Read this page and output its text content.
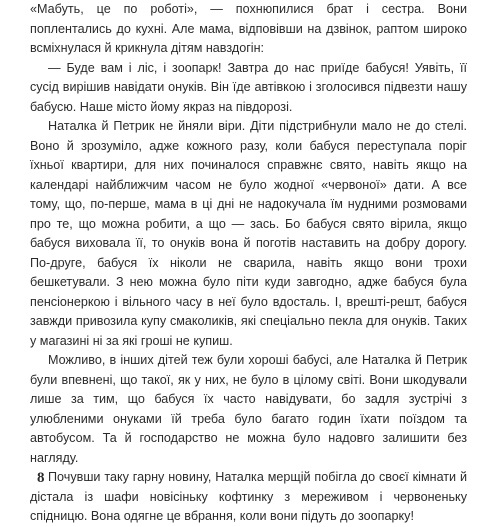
«Мабуть, це по роботі», — похнюпилися брат і сестра. Вони поплентались до кухні. Але мама, відповівши на дзвінок, раптом широко всміхнулася й крикнула дітям навздогін:

— Буде вам і ліс, і зоопарк! Завтра до нас приїде бабуся! Уявіть, її сусід вирішив навідати онуків. Він їде автівкою і зголосився підвезти нашу бабусю. Наше місто йому якраз на півдорозі.

Наталка й Петрик не йняли віри. Діти підстрибнули мало не до стелі. Воно й зрозуміло, адже кожного разу, коли бабуся переступала поріг їхньої квартири, для них починалося справжнє свято, навіть якщо на календарі найближчим часом не було жодної «червоної» дати. А все тому, що, по-перше, мама в ці дні не надокучала їм нудними розмовами про те, що можна робити, а що — зась. Бо бабуся свято вірила, якщо бабуся виховала її, то онуків вона й поготів наставить на добру дорогу. По-друге, бабуся їх ніколи не сварила, навіть якщо вони трохи бешкетували. З нею можна було піти куди завгодно, адже бабуся була пенсіонеркою і вільного часу в неї було вдосталь. І, врешті-решт, бабуся завжди привозила купу смаколиків, які спеціально пекла для онуків. Таких у магазині ні за які гроші не купиш.

Можливо, в інших дітей теж були хороші бабусі, але Наталка й Петрик були впевнені, що такої, як у них, не було в цілому світі. Вони шкодували лише за тим, що бабуся їх часто навідувати, бо задля зустрічі з улюбленими онуками їй треба було багато годин їхати поїздом та автобусом. Та й господарство не можна було надовго залишити без нагляду.

Почувши таку гарну новину, Наталка мерщій побігла до своєї кімнати й дістала із шафи новісіньку кофтинку з мереживом і червоненьку спідницю. Вона одягне це вбрання, коли вони підуть до зоопарку!

8
